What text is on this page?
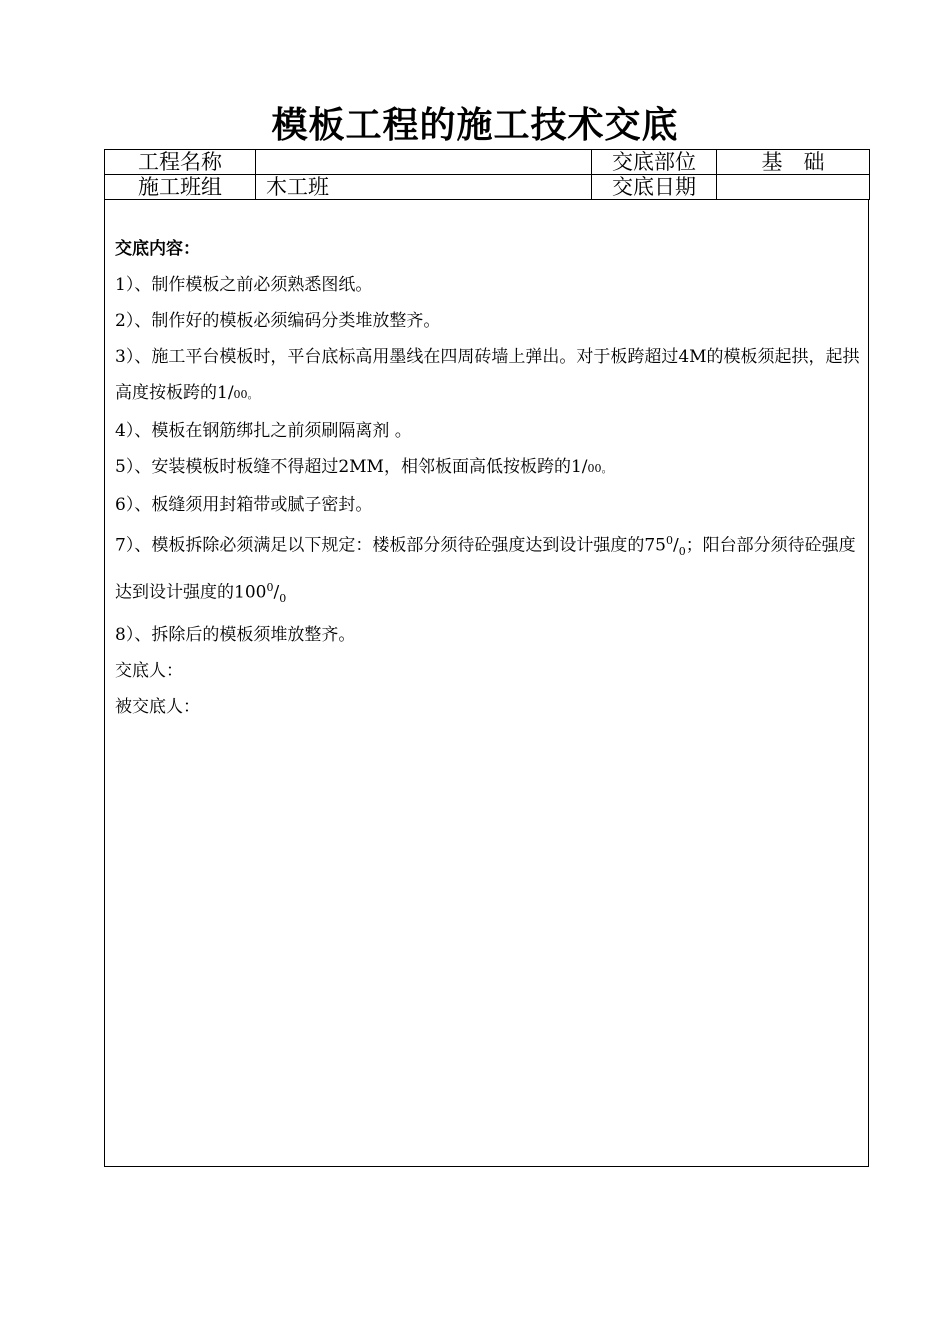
模板工程的施工技术交底
工程名称		交底部位	基　础
施工班组	木工班	交底日期	

交底内容：

1）、制作模板之前必须熟悉图纸。

2）、制作好的模板必须编码分类堆放整齐。

3）、施工平台模板时，平台底标高用墨线在四周砖墙上弹出。对于板跨超过4M的模板须起拱，起拱高度按板跨的1/00。

4）、模板在钢筋绑扎之前须刷隔离剂 。

5）、安装模板时板缝不得超过2MM，相邻板面高低按板跨的1/00。

6）、板缝须用封箱带或腻子密封。

7）、模板拆除必须满足以下规定：楼板部分须待砼强度达到设计强度的$75^0/_0$；阳台部分须待砼强度达到设计强度的$100^0/_0$

8）、拆除后的模板须堆放整齐。

交底人：

被交底人：
